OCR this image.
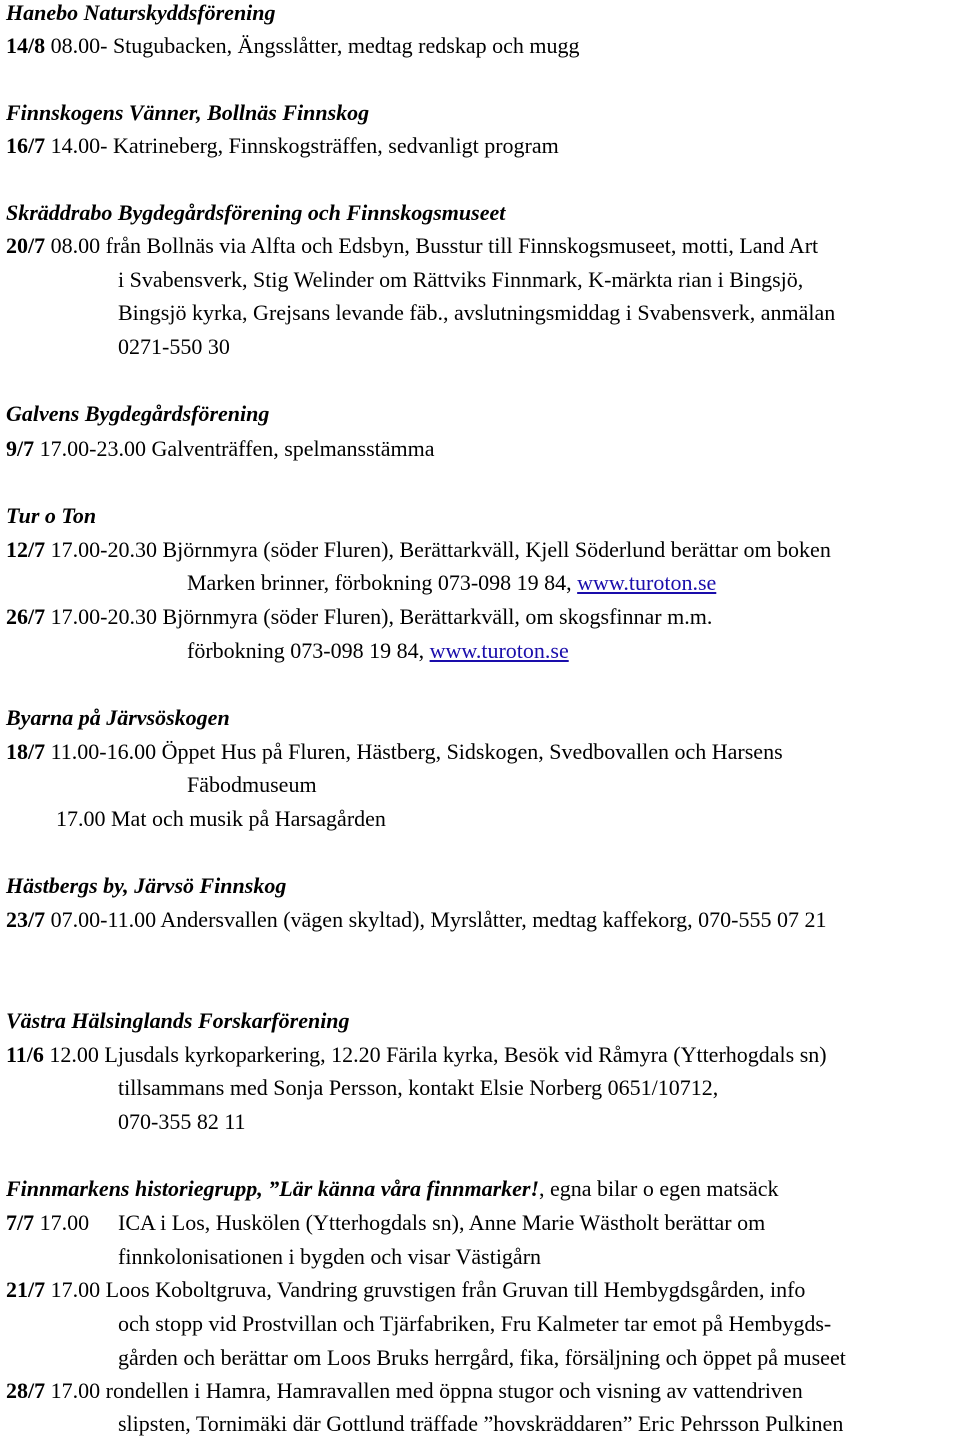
Hanebo Naturskyddsförening
14/8 08.00- Stugubacken, Ängsslåtter, medtag redskap och mugg
Finnskogens Vänner, Bollnäs Finnskog
16/7 14.00- Katrineberg, Finnskogsträffen, sedvanligt program
Skräddrabo Bygdegårdsförening och Finnskogsmuseet
20/7 08.00 från Bollnäs via Alfta och Edsbyn, Busstur till Finnskogsmuseet, motti, Land Art
i Svabensverk, Stig Welinder om Rättviks Finnmark, K-märkta rian i Bingsjö,
Bingsjö kyrka, Grejsans levande fäb., avslutningsmiddag i Svabensverk, anmälan
0271-550 30
Galvens Bygdegårdsförening
9/7 17.00-23.00 Galventräffen, spelmansstämma
Tur o Ton
12/7 17.00-20.30 Björnmyra (söder Fluren), Berättarkväll, Kjell Söderlund berättar om boken
Marken brinner, förbokning 073-098 19 84, www.turoton.se
26/7 17.00-20.30 Björnmyra (söder Fluren), Berättarkväll, om skogsfinnar m.m.
förbokning 073-098 19 84, www.turoton.se
Byarna på Järvsöskogen
18/7 11.00-16.00 Öppet Hus på Fluren, Hästberg, Sidskogen, Svedbovallen och Harsens
Fäbodmuseum
17.00 Mat och musik på Harsagården
Hästbergs by, Järvsö Finnskog
23/7 07.00-11.00 Andersvallen (vägen skyltad), Myrslåtter, medtag kaffekorg, 070-555 07 21
Västra Hälsinglands Forskarförening
11/6 12.00 Ljusdals kyrkoparkering, 12.20 Färila kyrka, Besök vid Råmyra (Ytterhogdals sn)
tillsammans med Sonja Persson, kontakt Elsie Norberg 0651/10712,
070-355 82 11
Finnmarkens historiegrupp, ”Lär känna våra finnmarker!, egna bilar o egen matsäck
7/7 17.00 ICA i Los, Huskölen (Ytterhogdals sn), Anne Marie Wästholt berättar om
finnkolonisationen i bygden och visar Västigårn
21/7 17.00 Loos Koboltgruva, Vandring gruvstigen från Gruvan till Hembygdsgården, info
och stopp vid Prostvillan och Tjärfabriken, Fru Kalmeter tar emot på Hembygds-
gården och berättar om Loos Bruks herrgård, fika, försäljning och öppet på museet
28/7 17.00 rondellen i Hamra, Hamravallen med öppna stugor och visning av vattendriven
slipsten, Tornimäki där Gottlund träffade ”hovskräddaren” Eric Pehrsson Pulkinen
